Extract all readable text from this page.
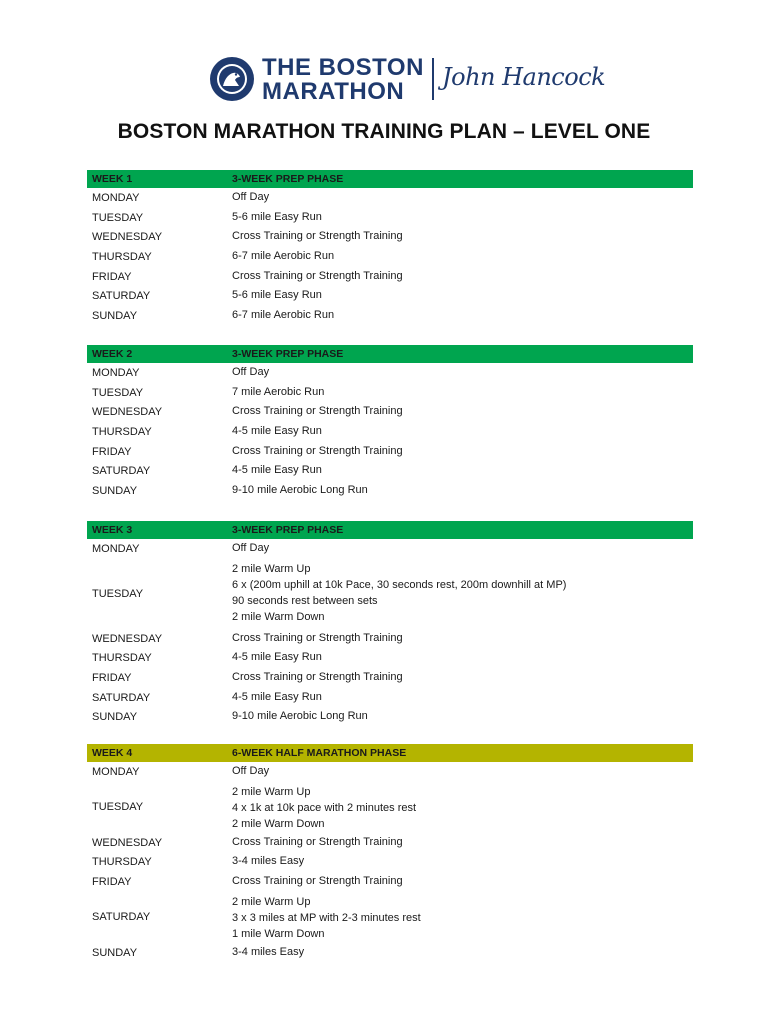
THE BOSTON
MARATHON
John Hancock
BOSTON MARATHON TRAINING PLAN – LEVEL ONE
WEEK 1	3-WEEK PREP PHASE
MONDAY	Off Day
TUESDAY	5-6 mile Easy Run
WEDNESDAY	Cross Training or Strength Training
THURSDAY	6-7 mile Aerobic Run
FRIDAY	Cross Training or Strength Training
SATURDAY	5-6 mile Easy Run
SUNDAY	6-7 mile Aerobic Run
WEEK 2	3-WEEK PREP PHASE
MONDAY	Off Day
TUESDAY	7 mile Aerobic Run
WEDNESDAY	Cross Training or Strength Training
THURSDAY	4-5 mile Easy Run
FRIDAY	Cross Training or Strength Training
SATURDAY	4-5 mile Easy Run
SUNDAY	9-10 mile Aerobic Long Run
WEEK 3	3-WEEK PREP PHASE
MONDAY	Off Day
TUESDAY
2 mile Warm Up
6 x (200m uphill at 10k Pace, 30 seconds rest, 200m downhill at MP)
90 seconds rest between sets
2 mile Warm Down
WEDNESDAY	Cross Training or Strength Training
THURSDAY	4-5 mile Easy Run
FRIDAY	Cross Training or Strength Training
SATURDAY	4-5 mile Easy Run
SUNDAY	9-10 mile Aerobic Long Run
WEEK 4	6-WEEK HALF MARATHON PHASE
MONDAY	Off Day
TUESDAY
2 mile Warm Up
4 x 1k at 10k pace with 2 minutes rest
2 mile Warm Down
WEDNESDAY	Cross Training or Strength Training
THURSDAY	3-4 miles Easy
FRIDAY	Cross Training or Strength Training
SATURDAY
2 mile Warm Up
3 x 3 miles at MP with 2-3 minutes rest
1 mile Warm Down
SUNDAY	3-4 miles Easy
